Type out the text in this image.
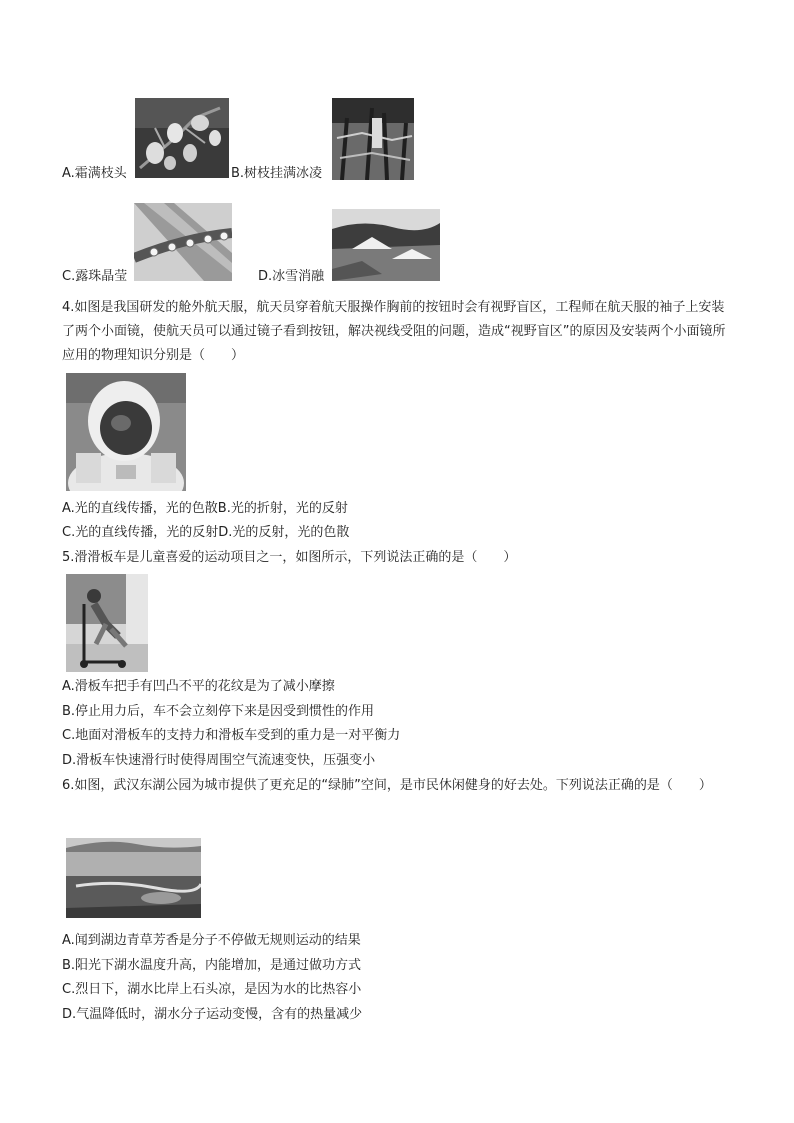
A.霜满枝头	B.树枝挂满冰凌
C.露珠晶莹	D.冰雪消融
4.如图是我国研发的舱外航天服，航天员穿着航天服操作胸前的按钮时会有视野盲区，工程师在航天服的袖子上安装了两个小面镜，使航天员可以通过镜子看到按钮，解决视线受阻的问题，造成“视野盲区”的原因及安装两个小面镜所应用的物理知识分别是（　　）
A.光的直线传播，光的色散B.光的折射，光的反射
C.光的直线传播，光的反射D.光的反射，光的色散
5.滑滑板车是儿童喜爱的运动项目之一，如图所示，下列说法正确的是（　　）
A.滑板车把手有凹凸不平的花纹是为了减小摩擦
B.停止用力后，车不会立刻停下来是因受到惯性的作用
C.地面对滑板车的支持力和滑板车受到的重力是一对平衡力
D.滑板车快速滑行时使得周围空气流速变快，压强变小
6.如图，武汉东湖公园为城市提供了更充足的“绿肺”空间，是市民休闲健身的好去处。下列说法正确的是（　　）
A.闻到湖边青草芳香是分子不停做无规则运动的结果
B.阳光下湖水温度升高，内能增加，是通过做功方式
C.烈日下，湖水比岸上石头凉，是因为水的比热容小
D.气温降低时，湖水分子运动变慢，含有的热量减少
